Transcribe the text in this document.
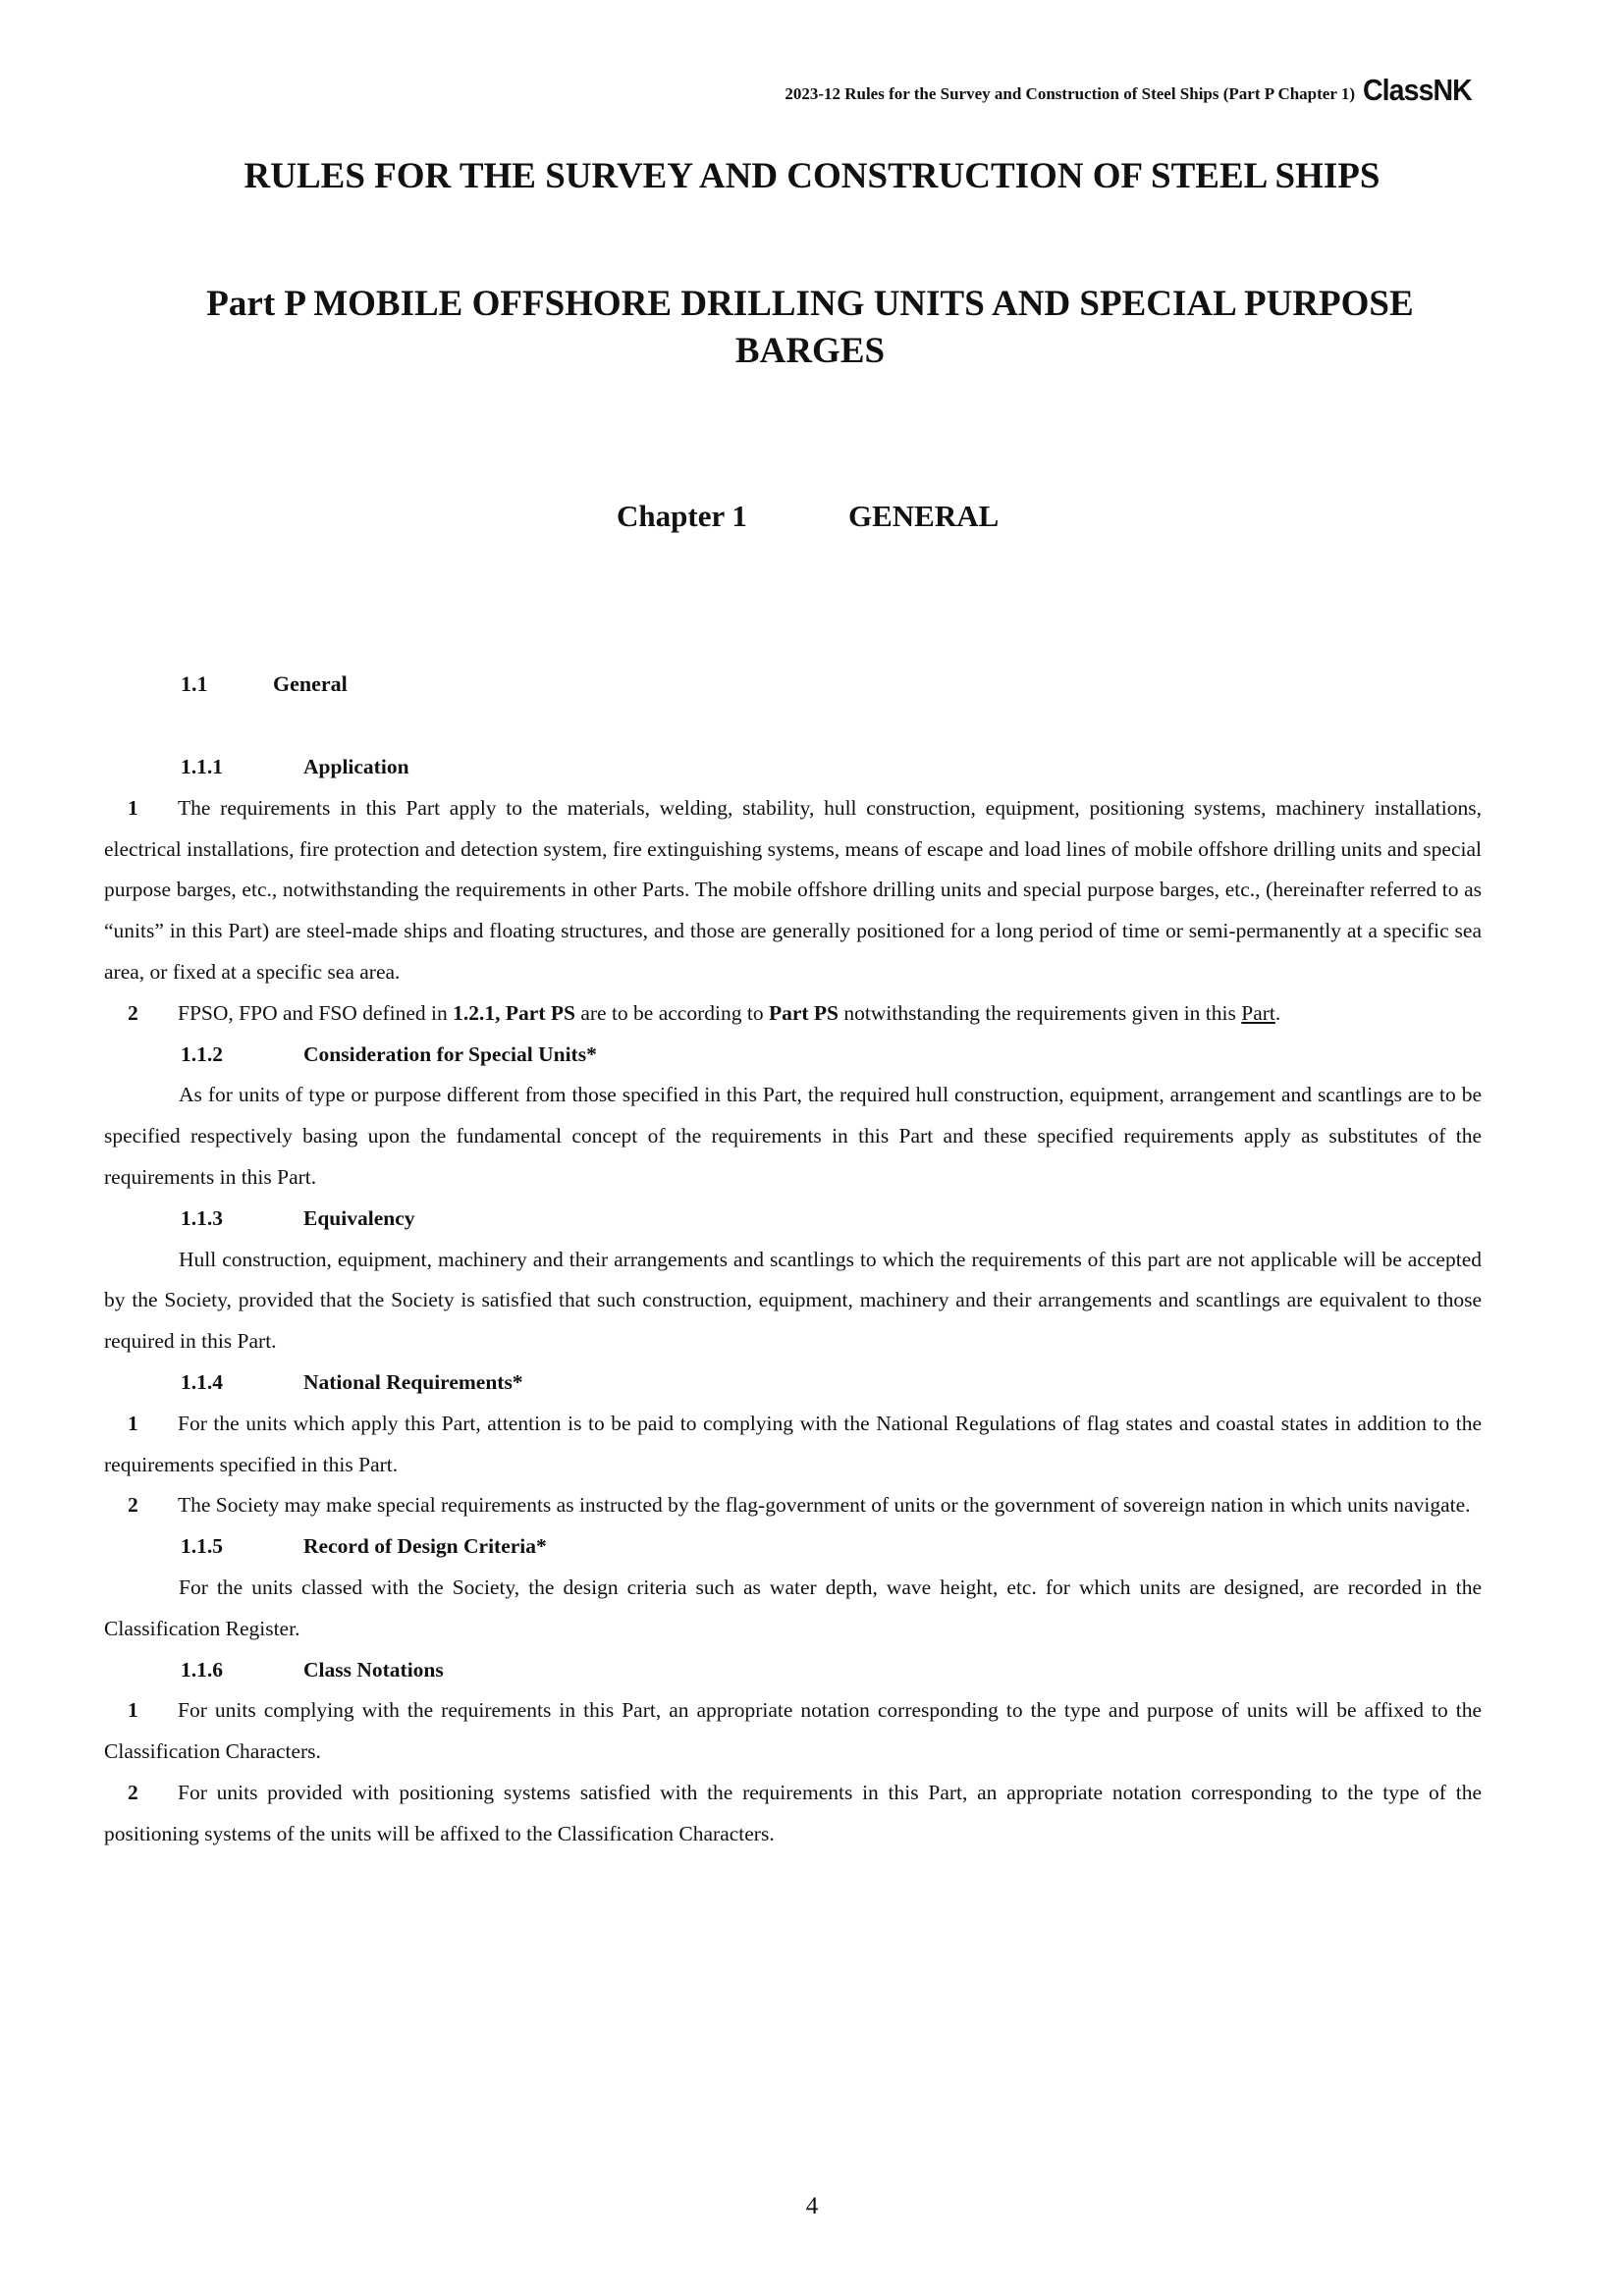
2023-12 Rules for the Survey and Construction of Steel Ships (Part P Chapter 1) ClassNK
RULES FOR THE SURVEY AND CONSTRUCTION OF STEEL SHIPS
Part P MOBILE OFFSHORE DRILLING UNITS AND SPECIAL PURPOSE BARGES
Chapter 1	GENERAL
1.1	General
1.1.1	Application
1 The requirements in this Part apply to the materials, welding, stability, hull construction, equipment, positioning systems, machinery installations, electrical installations, fire protection and detection system, fire extinguishing systems, means of escape and load lines of mobile offshore drilling units and special purpose barges, etc., notwithstanding the requirements in other Parts. The mobile offshore drilling units and special purpose barges, etc., (hereinafter referred to as “units” in this Part) are steel-made ships and floating structures, and those are generally positioned for a long period of time or semi-permanently at a specific sea area, or fixed at a specific sea area.
2 FPSO, FPO and FSO defined in 1.2.1, Part PS are to be according to Part PS notwithstanding the requirements given in this Part.
1.1.2	Consideration for Special Units*
As for units of type or purpose different from those specified in this Part, the required hull construction, equipment, arrangement and scantlings are to be specified respectively basing upon the fundamental concept of the requirements in this Part and these specified requirements apply as substitutes of the requirements in this Part.
1.1.3	Equivalency
Hull construction, equipment, machinery and their arrangements and scantlings to which the requirements of this part are not applicable will be accepted by the Society, provided that the Society is satisfied that such construction, equipment, machinery and their arrangements and scantlings are equivalent to those required in this Part.
1.1.4	National Requirements*
1 For the units which apply this Part, attention is to be paid to complying with the National Regulations of flag states and coastal states in addition to the requirements specified in this Part.
2 The Society may make special requirements as instructed by the flag-government of units or the government of sovereign nation in which units navigate.
1.1.5	Record of Design Criteria*
For the units classed with the Society, the design criteria such as water depth, wave height, etc. for which units are designed, are recorded in the Classification Register.
1.1.6	Class Notations
1 For units complying with the requirements in this Part, an appropriate notation corresponding to the type and purpose of units will be affixed to the Classification Characters.
2 For units provided with positioning systems satisfied with the requirements in this Part, an appropriate notation corresponding to the type of the positioning systems of the units will be affixed to the Classification Characters.
4
